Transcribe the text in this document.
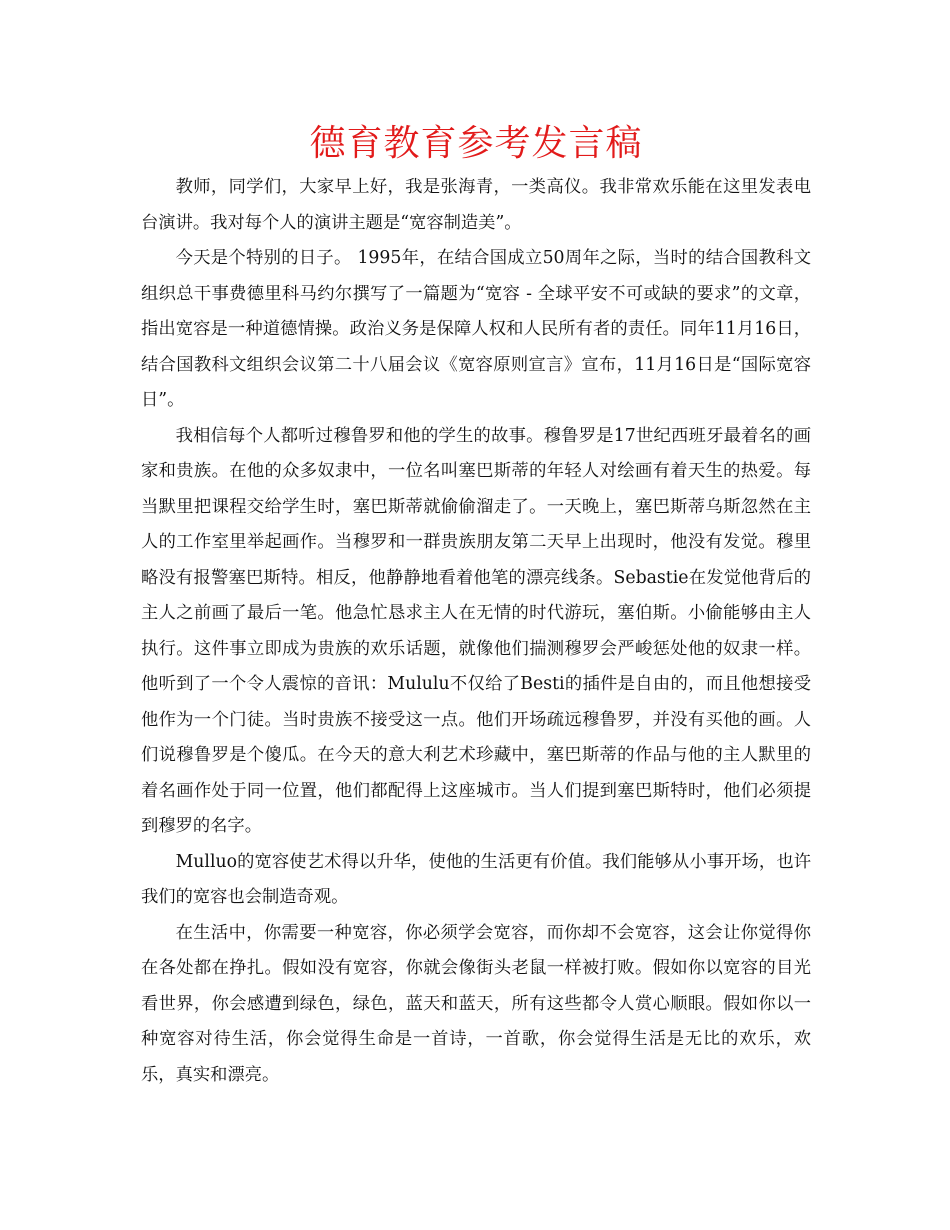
德育教育参考发言稿

教师，同学们，大家早上好，我是张海青，一类高仪。我非常欢乐能在这里发表电台演讲。我对每个人的演讲主题是“宽容制造美”。

今天是个特别的日子。 1995年，在结合国成立50周年之际，当时的结合国教科文组织总干事费德里科马约尔撰写了一篇题为“宽容 - 全球平安不可或缺的要求”的文章，指出宽容是一种道德情操。政治义务是保障人权和人民所有者的责任。同年11月16日，结合国教科文组织会议第二十八届会议《宽容原则宣言》宣布，11月16日是“国际宽容日”。

我相信每个人都听过穆鲁罗和他的学生的故事。穆鲁罗是17世纪西班牙最着名的画家和贵族。在他的众多奴隶中，一位名叫塞巴斯蒂的年轻人对绘画有着天生的热爱。每当默里把课程交给学生时，塞巴斯蒂就偷偷溜走了。一天晚上，塞巴斯蒂乌斯忽然在主人的工作室里举起画作。当穆罗和一群贵族朋友第二天早上出现时，他没有发觉。穆里略没有报警塞巴斯特。相反，他静静地看着他笔的漂亮线条。Sebastie在发觉他背后的主人之前画了最后一笔。他急忙恳求主人在无情的时代游玩，塞伯斯。小偷能够由主人执行。这件事立即成为贵族的欢乐话题，就像他们揣测穆罗会严峻惩处他的奴隶一样。他听到了一个令人震惊的音讯：Mululu不仅给了Besti的插件是自由的，而且他想接受他作为一个门徒。当时贵族不接受这一点。他们开场疏远穆鲁罗，并没有买他的画。人们说穆鲁罗是个傻瓜。在今天的意大利艺术珍藏中，塞巴斯蒂的作品与他的主人默里的着名画作处于同一位置，他们都配得上这座城市。当人们提到塞巴斯特时，他们必须提到穆罗的名字。

Mulluo的宽容使艺术得以升华，使他的生活更有价值。我们能够从小事开场，也许我们的宽容也会制造奇观。

在生活中，你需要一种宽容，你必须学会宽容，而你却不会宽容，这会让你觉得你在各处都在挣扎。假如没有宽容，你就会像街头老鼠一样被打败。假如你以宽容的目光看世界，你会感遭到绿色，绿色，蓝天和蓝天，所有这些都令人赏心顺眼。假如你以一种宽容对待生活，你会觉得生命是一首诗，一首歌，你会觉得生活是无比的欢乐，欢乐，真实和漂亮。
